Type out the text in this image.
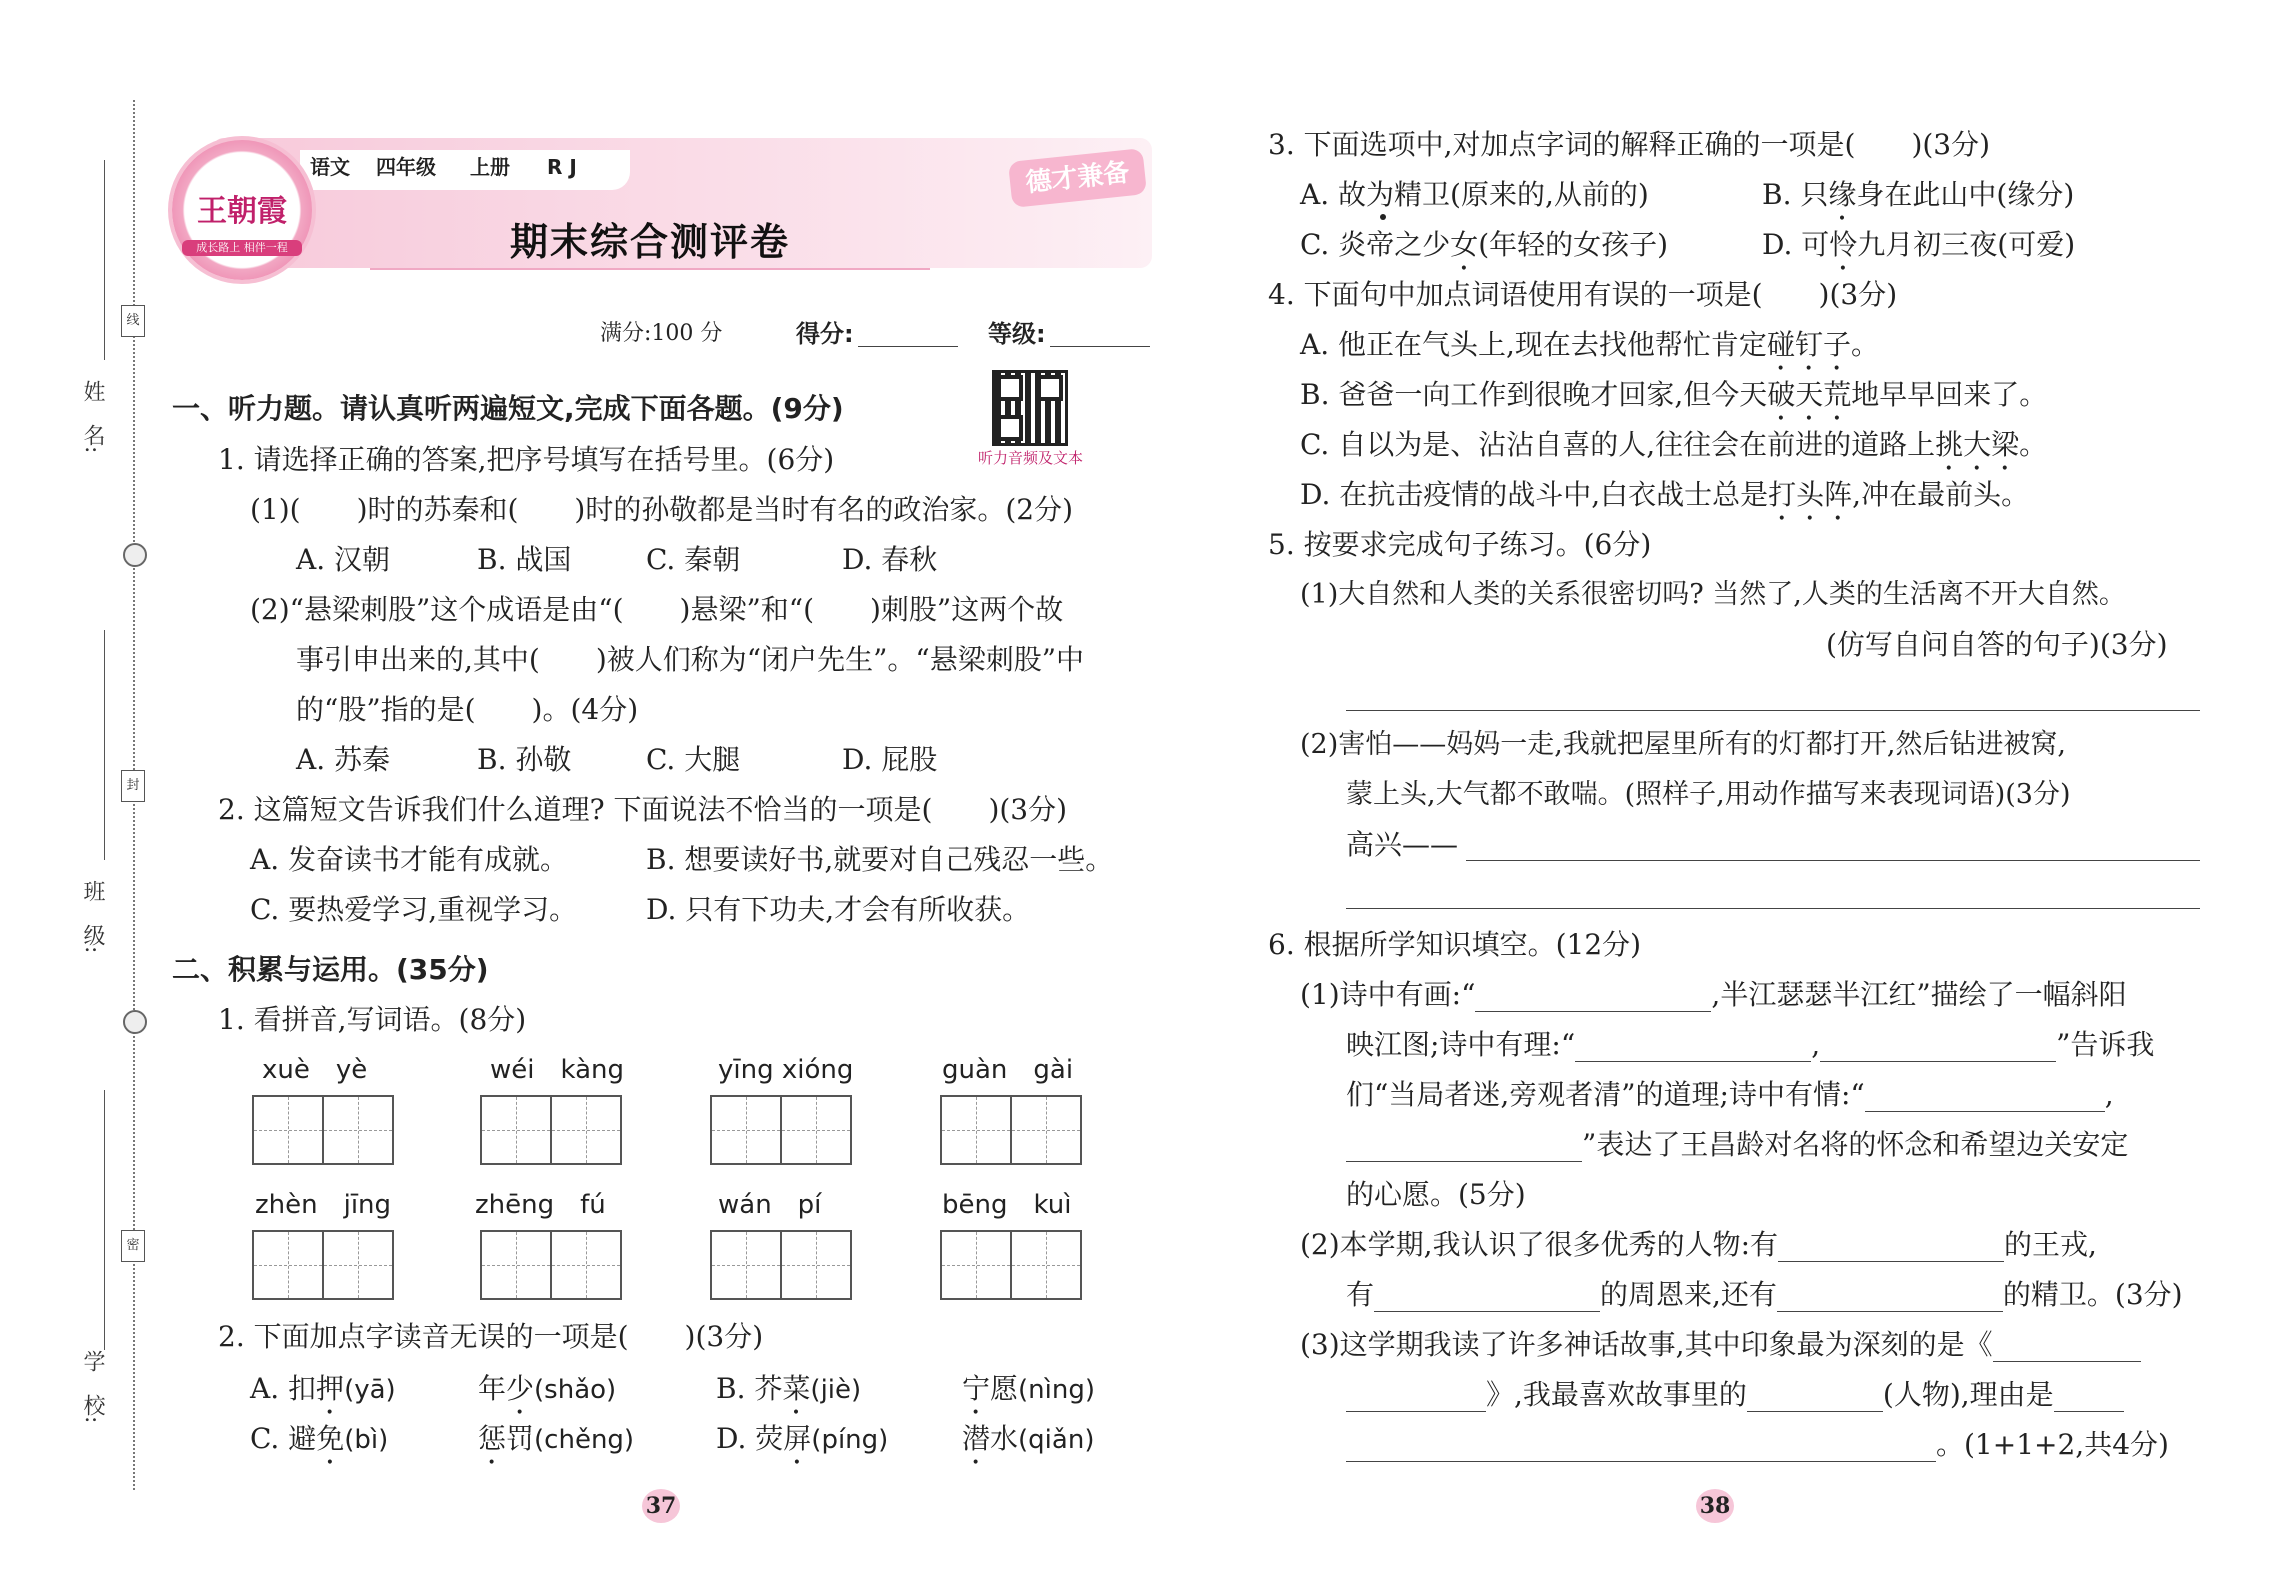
姓　名:
班　级:
学　校:
线
封
密
王朝霞
成长路上 相伴一程
语文 四年级 上册 R J
期末综合测评卷
德才兼备
满分:100 分	得分:	等级:
听力音频及文本
一、听力题。请认真听两遍短文,完成下面各题。(9分)
1. 请选择正确的答案,把序号填写在括号里。(6分)
(1)(　　)时的苏秦和(　　)时的孙敬都是当时有名的政治家。(2分)
A. 汉朝	B. 战国	C. 秦朝	D. 春秋
(2)“悬梁刺股”这个成语是由“(　　)悬梁”和“(　　)刺股”这两个故
事引申出来的,其中(　　)被人们称为“闭户先生”。“悬梁刺股”中
的“股”指的是(　　)。(4分)
A. 苏秦	B. 孙敬	C. 大腿	D. 屁股
2. 这篇短文告诉我们什么道理? 下面说法不恰当的一项是(　　)(3分)
A. 发奋读书才能有成就。	B. 想要读好书,就要对自己残忍一些。
C. 要热爱学习,重视学习。 D. 只有下功夫,才会有所收获。
二、积累与运用。(35分)
1. 看拼音,写词语。(8分)
xuè　yè	wéi　kàng	yīng xióng	guàn　gài
zhèn　jīng	zhēng　fú	wán　pí	bēng　kuì
2. 下面加点字读音无误的一项是(　　)(3分)
A. 扣押(yā)	年少(shǎo)	B. 芥菜(jiè)	宁愿(nìng)
C. 避免(bì)	惩罚(chěng)	D. 荧屏(píng)	潜水(qiǎn)
37
3. 下面选项中,对加点字词的解释正确的一项是(　　)(3分)
A. 故为精卫(原来的,从前的)	B. 只缘身在此山中(缘分)
C. 炎帝之少女(年轻的女孩子)	D. 可怜九月初三夜(可爱)
4. 下面句中加点词语使用有误的一项是(　　)(3分)
A. 他正在气头上,现在去找他帮忙肯定碰钉子。
B. 爸爸一向工作到很晚才回家,但今天破天荒地早早回来了。
C. 自以为是、沾沾自喜的人,往往会在前进的道路上挑大梁。
D. 在抗击疫情的战斗中,白衣战士总是打头阵,冲在最前头。
5. 按要求完成句子练习。(6分)
(1)大自然和人类的关系很密切吗? 当然了,人类的生活离不开大自然。
(仿写自问自答的句子)(3分)
(2)害怕——妈妈一走,我就把屋里所有的灯都打开,然后钻进被窝,
蒙上头,大气都不敢喘。(照样子,用动作描写来表现词语)(3分)
高兴——
6. 根据所学知识填空。(12分)
(1)诗中有画:“	,半江瑟瑟半江红”描绘了一幅斜阳
映江图;诗中有理:“	,	”告诉我
们“当局者迷,旁观者清”的道理;诗中有情:“	,
”表达了王昌龄对名将的怀念和希望边关安定
的心愿。(5分)
(2)本学期,我认识了很多优秀的人物:有	的王戎,
有	的周恩来,还有	的精卫。(3分)
(3)这学期我读了许多神话故事,其中印象最为深刻的是《
》,我最喜欢故事里的	(人物),理由是
。(1+1+2,共4分)
38
